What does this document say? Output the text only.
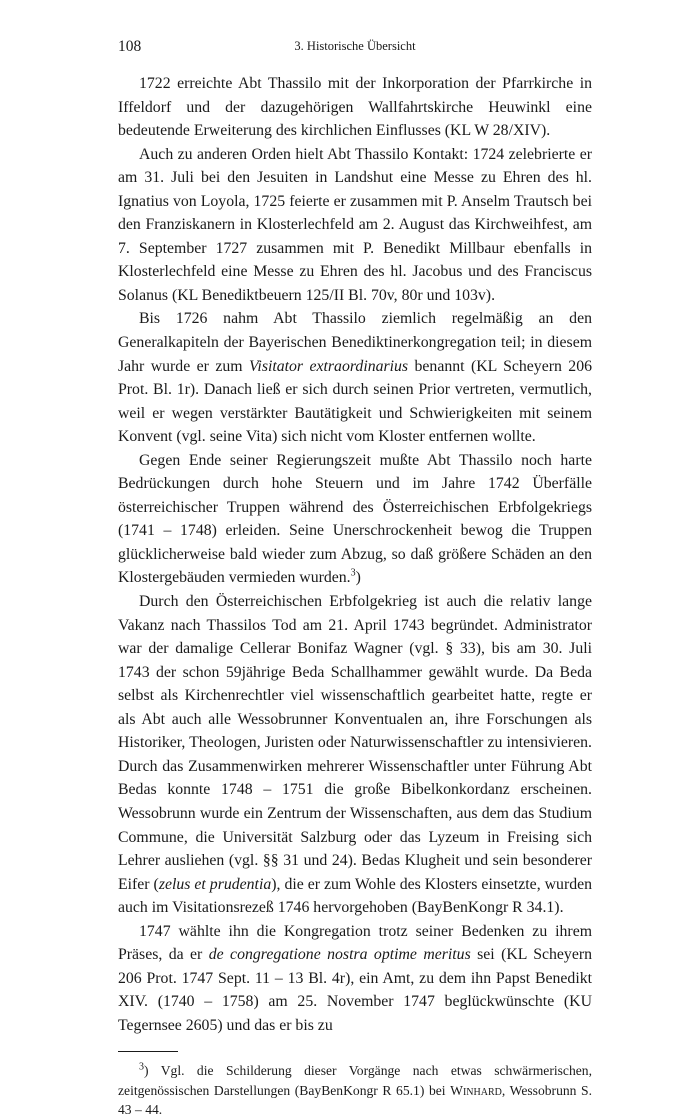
108	3. Historische Übersicht

1722 erreichte Abt Thassilo mit der Inkorporation der Pfarrkirche in Iffeldorf und der dazugehörigen Wallfahrtskirche Heuwinkl eine bedeutende Erweiterung des kirchlichen Einflusses (KL W 28/XIV).

Auch zu anderen Orden hielt Abt Thassilo Kontakt: 1724 zelebrierte er am 31. Juli bei den Jesuiten in Landshut eine Messe zu Ehren des hl. Ignatius von Loyola, 1725 feierte er zusammen mit P. Anselm Trautsch bei den Franziskanern in Klosterlechfeld am 2. August das Kirchweihfest, am 7. September 1727 zusammen mit P. Benedikt Millbaur ebenfalls in Klosterlechfeld eine Messe zu Ehren des hl. Jacobus und des Franciscus Solanus (KL Benediktbeuern 125/II Bl. 70v, 80r und 103v).

Bis 1726 nahm Abt Thassilo ziemlich regelmäßig an den Generalkapiteln der Bayerischen Benediktinerkongregation teil; in diesem Jahr wurde er zum Visitator extraordinarius benannt (KL Scheyern 206 Prot. Bl. 1r). Danach ließ er sich durch seinen Prior vertreten, vermutlich, weil er wegen verstärkter Bautätigkeit und Schwierigkeiten mit seinem Konvent (vgl. seine Vita) sich nicht vom Kloster entfernen wollte.

Gegen Ende seiner Regierungszeit mußte Abt Thassilo noch harte Bedrückungen durch hohe Steuern und im Jahre 1742 Überfälle österreichischer Truppen während des Österreichischen Erbfolgekriegs (1741 – 1748) erleiden. Seine Unerschrockenheit bewog die Truppen glücklicherweise bald wieder zum Abzug, so daß größere Schäden an den Klostergebäuden vermieden wurden.$^3$)

Durch den Österreichischen Erbfolgekrieg ist auch die relativ lange Vakanz nach Thassilos Tod am 21. April 1743 begründet. Administrator war der damalige Cellerar Bonifaz Wagner (vgl. § 33), bis am 30. Juli 1743 der schon 59jährige Beda Schallhammer gewählt wurde. Da Beda selbst als Kirchenrechtler viel wissenschaftlich gearbeitet hatte, regte er als Abt auch alle Wessobrunner Konventualen an, ihre Forschungen als Historiker, Theologen, Juristen oder Naturwissenschaftler zu intensivieren. Durch das Zusammenwirken mehrerer Wissenschaftler unter Führung Abt Bedas konnte 1748 – 1751 die große Bibelkonkordanz erscheinen. Wessobrunn wurde ein Zentrum der Wissenschaften, aus dem das Studium Commune, die Universität Salzburg oder das Lyzeum in Freising sich Lehrer ausliehen (vgl. §§ 31 und 24). Bedas Klugheit und sein besonderer Eifer (zelus et prudentia), die er zum Wohle des Klosters einsetzte, wurden auch im Visitationsrezeß 1746 hervorgehoben (BayBenKongr R 34.1).

1747 wählte ihn die Kongregation trotz seiner Bedenken zu ihrem Präses, da er de congregatione nostra optime meritus sei (KL Scheyern 206 Prot. 1747 Sept. 11 – 13 Bl. 4r), ein Amt, zu dem ihn Papst Benedikt XIV. (1740 – 1758) am 25. November 1747 beglückwünschte (KU Tegernsee 2605) und das er bis zu

$^3$) Vgl. die Schilderung dieser Vorgänge nach etwas schwärmerischen, zeitgenössischen Darstellungen (BayBenKongr R 65.1) bei Winhard, Wessobrunn S. 43 – 44.
